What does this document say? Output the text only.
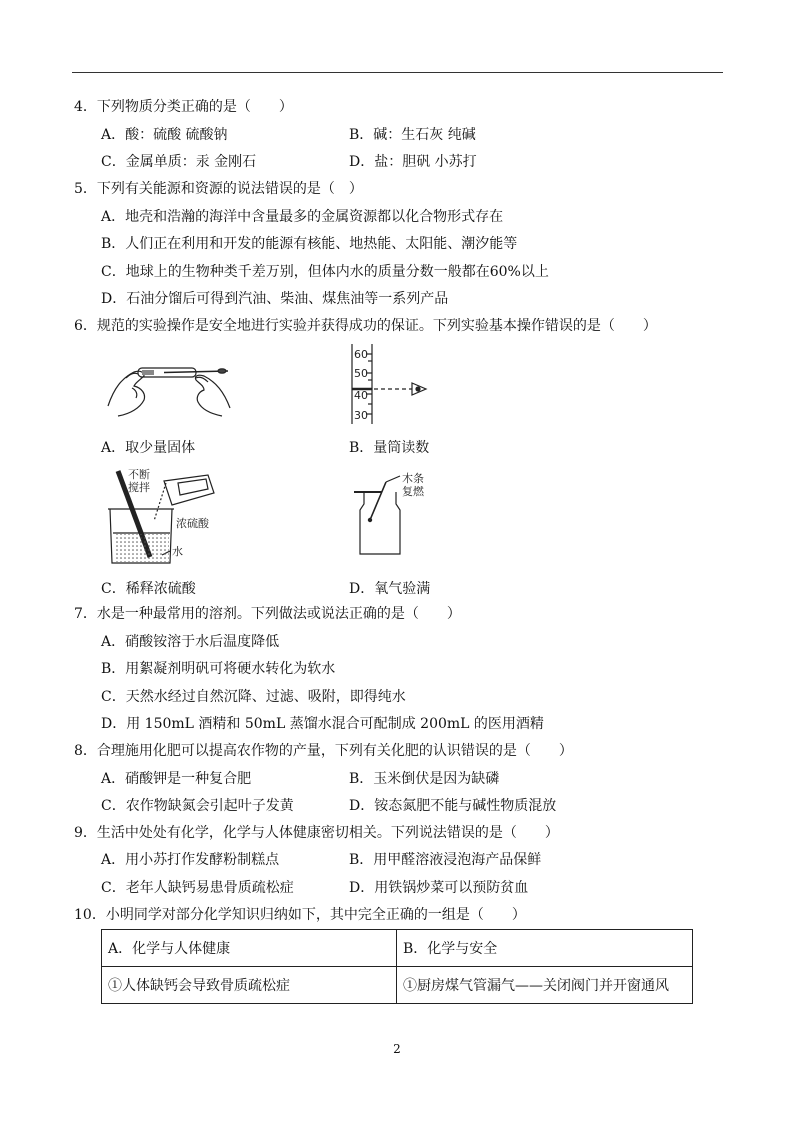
4．下列物质分类正确的是（　　）
A．酸：硫酸 硫酸钠	B．碱：生石灰 纯碱
C．金属单质：汞 金刚石	D．盐：胆矾 小苏打
5．下列有关能源和资源的说法错误的是（　）
A．地壳和浩瀚的海洋中含量最多的金属资源都以化合物形式存在
B．人们正在利用和开发的能源有核能、地热能、太阳能、潮汐能等
C．地球上的生物种类千差万别，但体内水的质量分数一般都在60%以上
D．石油分馏后可得到汽油、柴油、煤焦油等一系列产品
6．规范的实验操作是安全地进行实验并获得成功的保证。下列实验基本操作错误的是（　　）
A．取少量固体
60
50
40
30
B．量筒读数
不断
搅拌
浓硫酸
水
C．稀释浓硫酸
木条
复燃
D．氧气验满
7．水是一种最常用的溶剂。下列做法或说法正确的是（　　）
A．硝酸铵溶于水后温度降低
B．用絮凝剂明矾可将硬水转化为软水
C．天然水经过自然沉降、过滤、吸附，即得纯水
D．用 150mL 酒精和 50mL 蒸馏水混合可配制成 200mL 的医用酒精
8．合理施用化肥可以提高农作物的产量，下列有关化肥的认识错误的是（　　）
A．硝酸钾是一种复合肥	B．玉米倒伏是因为缺磷
C．农作物缺氮会引起叶子发黄	D．铵态氮肥不能与碱性物质混放
9．生活中处处有化学，化学与人体健康密切相关。下列说法错误的是（　　）
A．用小苏打作发酵粉制糕点	B．用甲醛溶液浸泡海产品保鲜
C．老年人缺钙易患骨质疏松症	D．用铁锅炒菜可以预防贫血
10．小明同学对部分化学知识归纳如下，其中完全正确的一组是（　　）
A．化学与人体健康	B．化学与安全
①人体缺钙会导致骨质疏松症	①厨房煤气管漏气——关闭阀门并开窗通风
2
